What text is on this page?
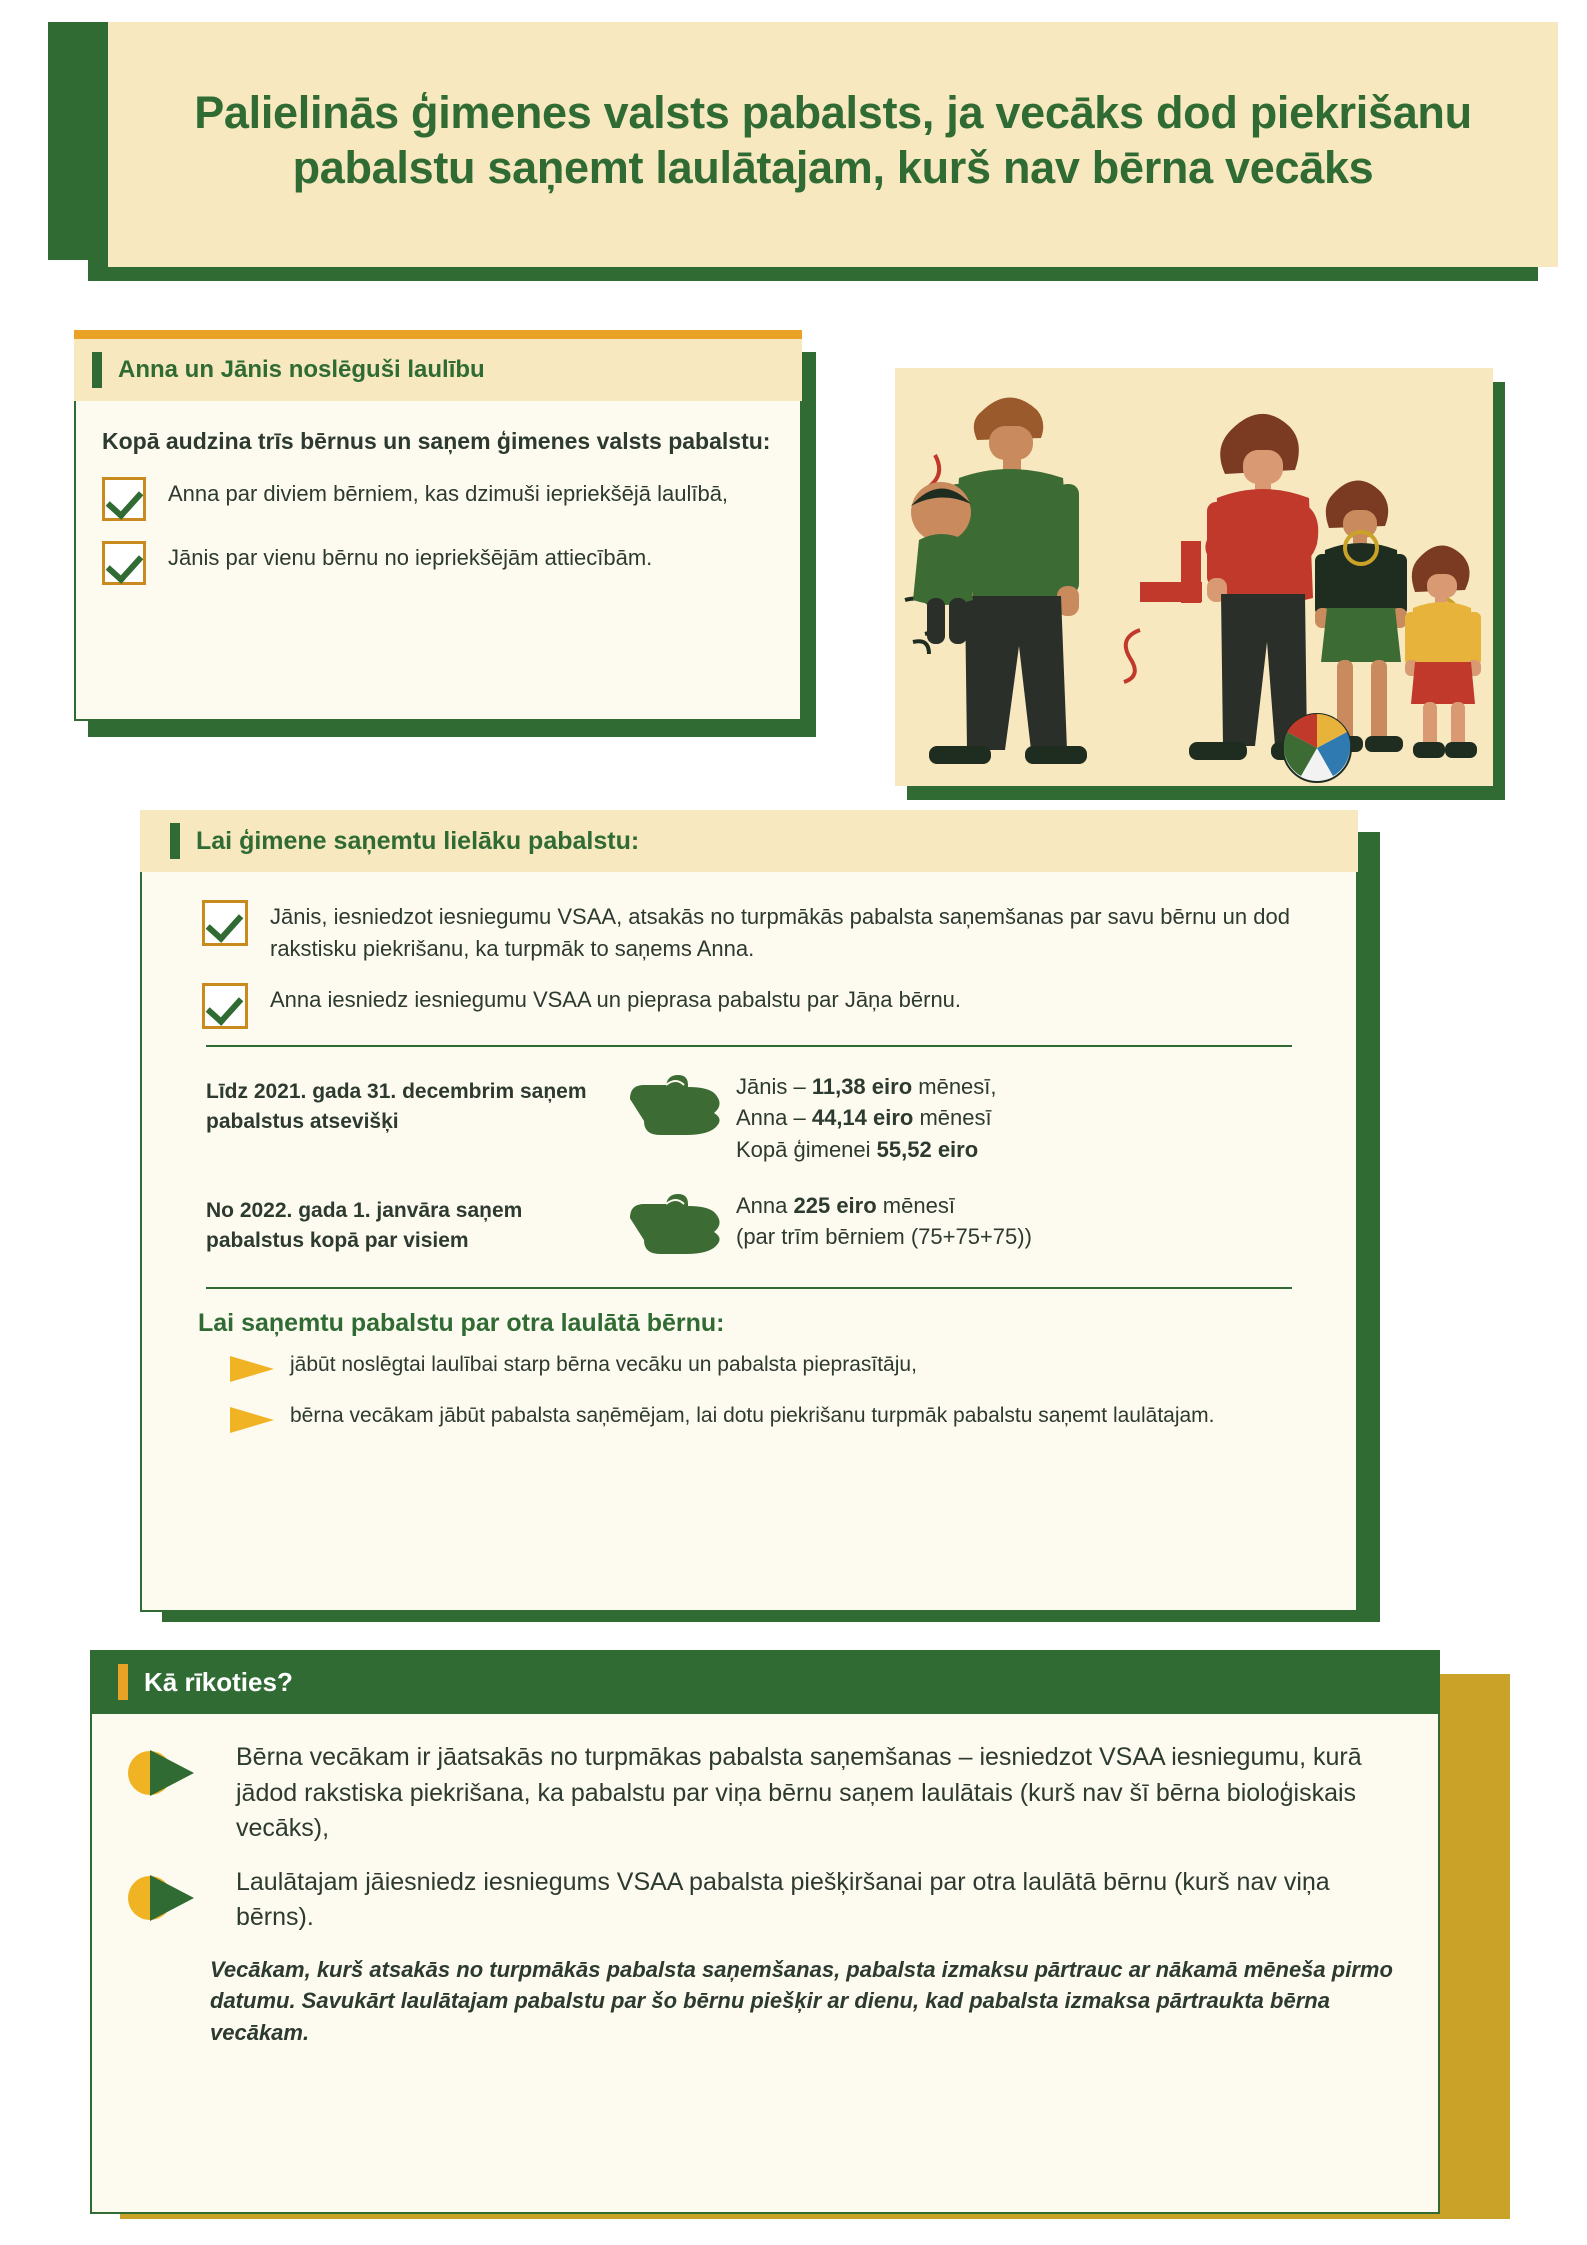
Palielinās ģimenes valsts pabalsts, ja vecāks dod piekrišanu pabalstu saņemt laulātajam, kurš nav bērna vecāks
Anna un Jānis noslēguši laulību
Kopā audzina trīs bērnus un saņem ģimenes valsts pabalstu:
Anna par diviem bērniem, kas dzimuši iepriekšējā laulībā,
Jānis par vienu bērnu no iepriekšējām attiecībām.
Lai ģimene saņemtu lielāku pabalstu:
Jānis, iesniedzot iesniegumu VSAA, atsakās no turpmākās pabalsta saņemšanas par savu bērnu un dod rakstisku piekrišanu, ka turpmāk to saņems Anna.
Anna iesniedz iesniegumu VSAA un pieprasa pabalstu par Jāņa bērnu.
Līdz 2021. gada 31. decembrim saņem pabalstus atsevišķi
Jānis – 11,38 eiro mēnesī,
Anna – 44,14 eiro mēnesī
Kopā ģimenei 55,52 eiro
No 2022. gada 1. janvāra saņem pabalstus kopā par visiem
Anna 225 eiro mēnesī
(par trīm bērniem (75+75+75))
Lai saņemtu pabalstu par otra laulātā bērnu:
jābūt noslēgtai laulībai starp bērna vecāku un pabalsta pieprasītāju,
bērna vecākam jābūt pabalsta saņēmējam, lai dotu piekrišanu turpmāk pabalstu saņemt laulātajam.
Kā rīkoties?
Bērna vecākam ir jāatsakās no turpmākas pabalsta saņemšanas – iesniedzot VSAA iesniegumu, kurā jādod rakstiska piekrišana, ka pabalstu par viņa bērnu saņem laulātais (kurš nav šī bērna bioloģiskais vecāks),
Laulātajam jāiesniedz iesniegums VSAA pabalsta piešķiršanai par otra laulātā bērnu (kurš nav viņa bērns).
Vecākam, kurš atsakās no turpmākās pabalsta saņemšanas, pabalsta izmaksu pārtrauc ar nākamā mēneša pirmo datumu. Savukārt laulātajam pabalstu par šo bērnu piešķir ar dienu, kad pabalsta izmaksa pārtraukta bērna vecākam.
